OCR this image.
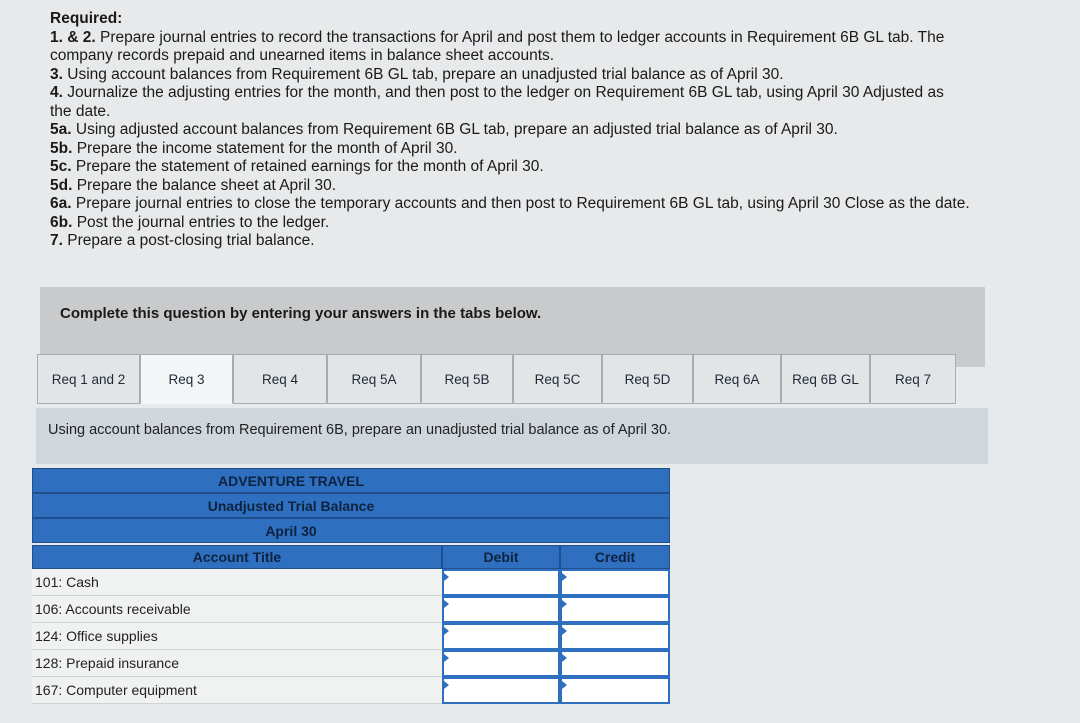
Required:
1. & 2. Prepare journal entries to record the transactions for April and post them to ledger accounts in Requirement 6B GL tab. The
company records prepaid and unearned items in balance sheet accounts.
3. Using account balances from Requirement 6B GL tab, prepare an unadjusted trial balance as of April 30.
4. Journalize the adjusting entries for the month, and then post to the ledger on Requirement 6B GL tab, using April 30 Adjusted as
the date.
5a. Using adjusted account balances from Requirement 6B GL tab, prepare an adjusted trial balance as of April 30.
5b. Prepare the income statement for the month of April 30.
5c. Prepare the statement of retained earnings for the month of April 30.
5d. Prepare the balance sheet at April 30.
6a. Prepare journal entries to close the temporary accounts and then post to Requirement 6B GL tab, using April 30 Close as the date.
6b. Post the journal entries to the ledger.
7. Prepare a post-closing trial balance.
Complete this question by entering your answers in the tabs below.
Req 1 and 2	Req 3	Req 4	Req 5A	Req 5B	Req 5C	Req 5D	Req 6A Req 6B GL	Req 7
Using account balances from Requirement 6B, prepare an unadjusted trial balance as of April 30.
ADVENTURE TRAVEL
Unadjusted Trial Balance
April 30
Account Title	Debit	Credit
101: Cash
106: Accounts receivable
124: Office supplies
128: Prepaid insurance
167: Computer equipment
